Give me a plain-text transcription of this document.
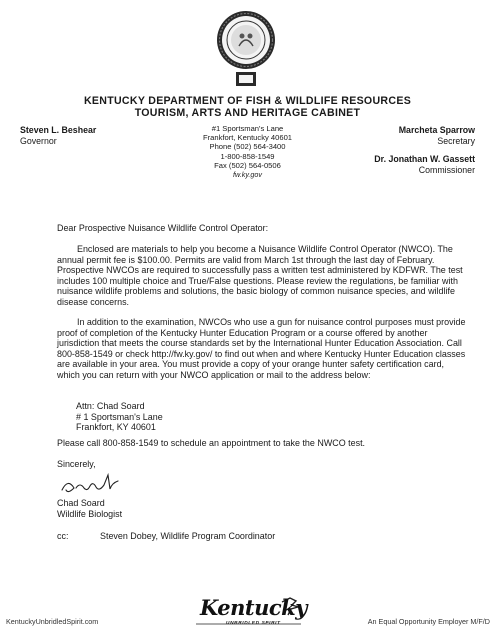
KENTUCKY DEPARTMENT OF FISH & WILDLIFE RESOURCES
TOURISM, ARTS AND HERITAGE CABINET
Steven L. Beshear
Governor
#1 Sportsman's Lane
Frankfort, Kentucky 40601
Phone (502) 564-3400
1-800-858-1549
Fax (502) 564-0506
fw.ky.gov
Marcheta Sparrow
Secretary
Dr. Jonathan W. Gassett
Commissioner
Dear Prospective Nuisance Wildlife Control Operator:

Enclosed are materials to help you become a Nuisance Wildlife Control Operator (NWCO). The annual permit fee is $100.00. Permits are valid from March 1st through the last day of February. Prospective NWCOs are required to successfully pass a written test administered by KDFWR. The test includes 100 multiple choice and True/False questions. Please review the regulations, be familiar with nuisance wildlife problems and solutions, the basic biology of common nuisance species, and wildlife disease concerns.

In addition to the examination, NWCOs who use a gun for nuisance control purposes must provide proof of completion of the Kentucky Hunter Education Program or a course offered by another jurisdiction that meets the course standards set by the International Hunter Education Association. Call 800-858-1549 or check http://fw.ky.gov/ to find out when and where Kentucky Hunter Education classes are available in your area. You must provide a copy of your orange hunter safety certification card, which you can return with your NWCO application or mail to the address below:

Attn: Chad Soard
# 1 Sportsman's Lane
Frankfort, KY 40601
Please call 800-858-1549 to schedule an appointment to take the NWCO test.
Sincerely,
Chad Soard
Wildlife Biologist
cc:	Steven Dobey, Wildlife Program Coordinator
KentuckyUnbridledSpirit.com
Kentucky
UNBRIDLED SPIRIT	An Equal Opportunity Employer M/F/D
